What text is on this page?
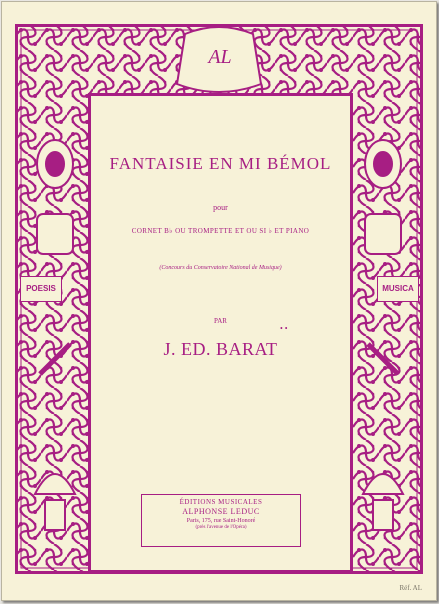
POESIS	MUSICA
AL
FANTAISIE EN MI BÉMOL
pour
CORNET B♭ OU TROMPETTE ET OU SI ♭ ET PIANO
(Concours du Conservatoire National de Musique)
PAR
• •
J. ED. BARAT
ÉDITIONS MUSICALES
ALPHONSE LEDUC
Paris, 175, rue Saint-Honoré
(près l'avenue de l'Opéra)
Réf. AL
